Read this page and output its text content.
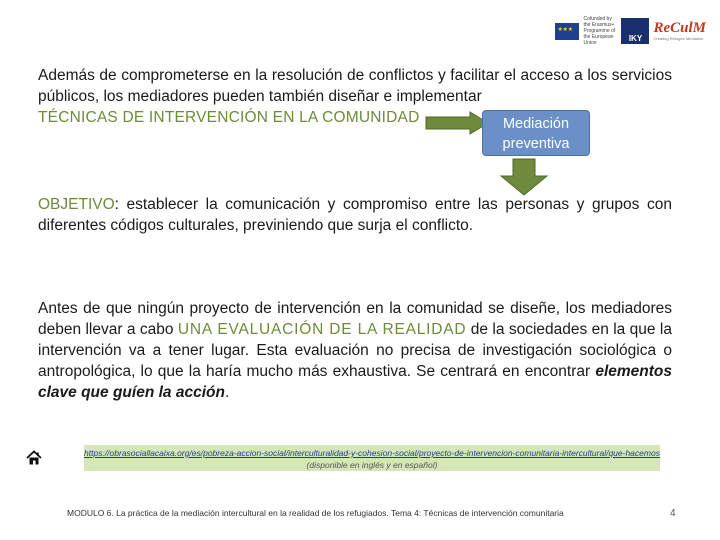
★ ★ ★
Cofunded by the Erasmus+ Programme of the European Union	IKY
ReCulM
Creating Refugee Mediation
Además de comprometerse en la resolución de conflictos y facilitar el acceso a los servicios públicos, los mediadores pueden también diseñar e implementar
TÉCNICAS DE INTERVENCIÓN EN LA COMUNIDAD	Mediación
preventiva
OBJETIVO: establecer la comunicación y compromiso entre las personas y grupos con diferentes códigos culturales, previniendo que surja el conflicto.
Antes de que ningún proyecto de intervención en la comunidad se diseñe, los mediadores deben llevar a cabo UNA EVALUACIÓN DE LA REALIDAD de la sociedades en la que la intervención va a tener lugar. Esta evaluación no precisa de investigación sociológica o antropológica, lo que la haría mucho más exhaustiva. Se centrará en encontrar elementos clave que guíen la acción.
https://obrasociallacaixa.org/es/pobreza-accion-social/interculturalidad-y-cohesion-social/proyecto-de-intervencion-comunitaria-intercultural/que-hacemos (disponible en inglés y en español)
MODULO 6. La práctica de la mediación intercultural en la realidad de los refugiados. Tema 4: Técnicas de intervención comunitaria	4
